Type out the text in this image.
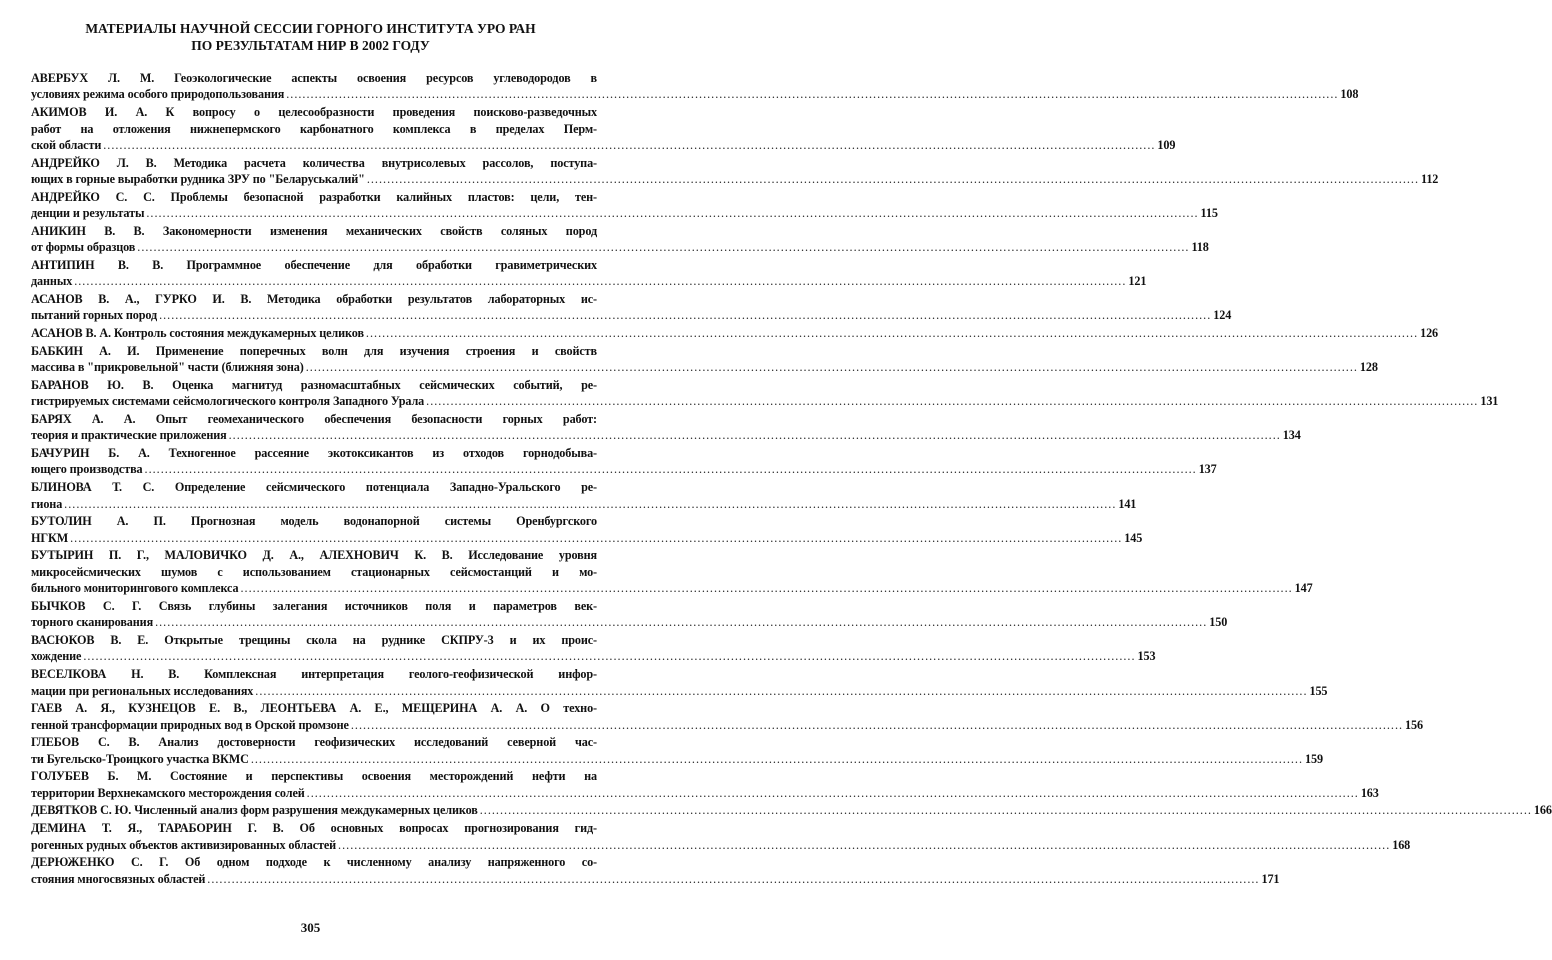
МАТЕРИАЛЫ НАУЧНОЙ СЕССИИ ГОРНОГО ИНСТИТУТА УРО РАН
ПО РЕЗУЛЬТАТАМ НИР В 2002 ГОДУ
АВЕРБУХ Л. М. Геоэкологические аспекты освоения ресурсов углеводородов в
условиях режима особого природопользования .................................................................................................................................................................................................................................................................... 108
АКИМОВ И. А. К вопросу о целесообразности проведения поисково-разведочных
работ на отложения нижнепермского карбонатного комплекса в пределах Перм-
ской области .................................................................................................................................................................................................................................................................... 109
АНДРЕЙКО Л. В. Методика расчета количества внутрисолевых рассолов, поступа-
ющих в горные выработки рудника ЗРУ по "Беларуськалий" .................................................................................................................................................................................................................................................................... 112
АНДРЕЙКО С. С. Проблемы безопасной разработки калийных пластов: цели, тен-
денции и результаты .................................................................................................................................................................................................................................................................... 115
АНИКИН В. В. Закономерности изменения механических свойств соляных пород
от формы образцов .................................................................................................................................................................................................................................................................... 118
АНТИПИН В. В. Программное обеспечение для обработки гравиметрических
данных .................................................................................................................................................................................................................................................................... 121
АСАНОВ В. А., ГУРКО И. В. Методика обработки результатов лабораторных ис-
пытаний горных пород .................................................................................................................................................................................................................................................................... 124
АСАНОВ В. А. Контроль состояния междукамерных целиков .................................................................................................................................................................................................................................................................... 126
БАБКИН А. И. Применение поперечных волн для изучения строения и свойств
массива в "прикровельной" части (ближняя зона) .................................................................................................................................................................................................................................................................... 128
БАРАНОВ Ю. В. Оценка магнитуд разномасштабных сейсмических событий, ре-
гистрируемых системами сейсмологического контроля Западного Урала .................................................................................................................................................................................................................................................................... 131
БАРЯХ А. А. Опыт геомеханического обеспечения безопасности горных работ:
теория и практические приложения .................................................................................................................................................................................................................................................................... 134
БАЧУРИН Б. А. Техногенное рассеяние экотоксикантов из отходов горнодобыва-
ющего производства .................................................................................................................................................................................................................................................................... 137
БЛИНОВА Т. С. Определение сейсмического потенциала Западно-Уральского ре-
гиона .................................................................................................................................................................................................................................................................... 141
БУТОЛИН А. П. Прогнозная модель водонапорной системы Оренбургского
НГКМ .................................................................................................................................................................................................................................................................... 145
БУТЫРИН П. Г., МАЛОВИЧКО Д. А., АЛЕХНОВИЧ К. В. Исследование уровня
микросейсмических шумов с использованием стационарных сейсмостанций и мо-
бильного мониторингового комплекса .................................................................................................................................................................................................................................................................... 147
БЫЧКОВ С. Г. Связь глубины залегания источников поля и параметров век-
торного сканирования .................................................................................................................................................................................................................................................................... 150
ВАСЮКОВ В. Е. Открытые трещины скола на руднике СКПРУ-3 и их проис-
хождение .................................................................................................................................................................................................................................................................... 153
ВЕСЕЛКОВА Н. В. Комплексная интерпретация геолого-геофизической инфор-
мации при региональных исследованиях .................................................................................................................................................................................................................................................................... 155
ГАЕВ А. Я., КУЗНЕЦОВ Е. В., ЛЕОНТЬЕВА А. Е., МЕЩЕРИНА А. А. О техно-
генной трансформации природных вод в Орской промзоне .................................................................................................................................................................................................................................................................... 156
ГЛЕБОВ С. В. Анализ достоверности геофизических исследований северной час-
ти Бугельско-Троицкого участка ВКМС .................................................................................................................................................................................................................................................................... 159
ГОЛУБЕВ Б. М. Состояние и перспективы освоения месторождений нефти на
территории Верхнекамского месторождения солей .................................................................................................................................................................................................................................................................... 163
ДЕВЯТКОВ С. Ю. Численный анализ форм разрушения междукамерных целиков .................................................................................................................................................................................................................................................................... 166
ДЕМИНА Т. Я., ТАРАБОРИН Г. В. Об основных вопросах прогнозирования гид-
рогенных рудных объектов активизированных областей .................................................................................................................................................................................................................................................................... 168
ДЕРЮЖЕНКО С. Г. Об одном подходе к численному анализу напряженного со-
стояния многосвязных областей .................................................................................................................................................................................................................................................................... 171
305
